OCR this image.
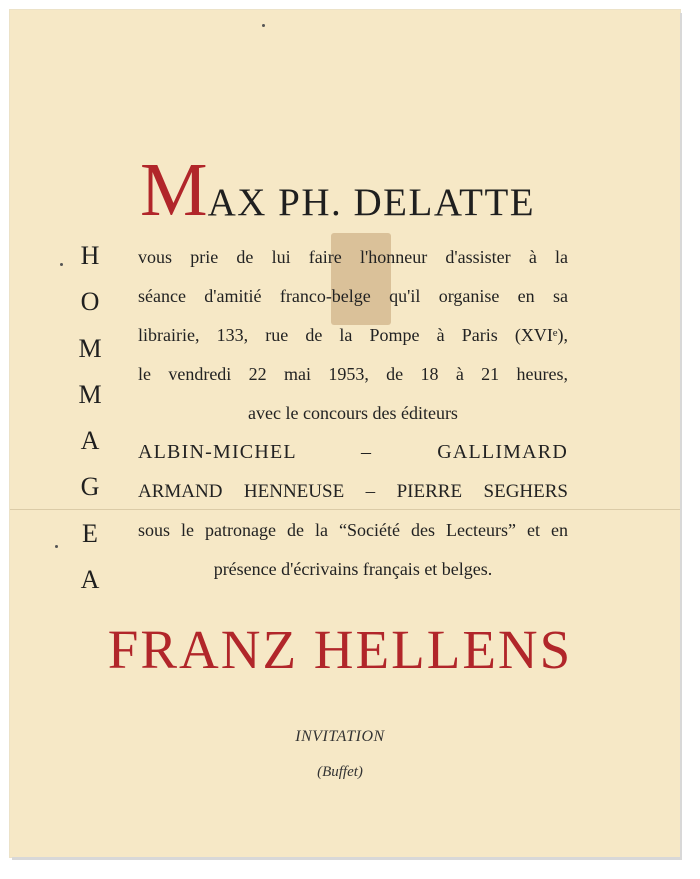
H
O
M
M
A
G
E
A
MAX PH. DELATTE
vous prie de lui faire l'honneur d'assister à la
séance d'amitié franco-belge qu'il organise en sa
librairie, 133, rue de la Pompe à Paris (XVIᵉ),
le vendredi 22 mai 1953, de 18 à 21 heures,
avec le concours des éditeurs
ALBIN-MICHEL – GALLIMARD
ARMAND HENNEUSE – PIERRE SEGHERS
sous le patronage de la “Société des Lecteurs” et en
présence d'écrivains français et belges.
FRANZ HELLENS
INVITATION
(Buffet)
